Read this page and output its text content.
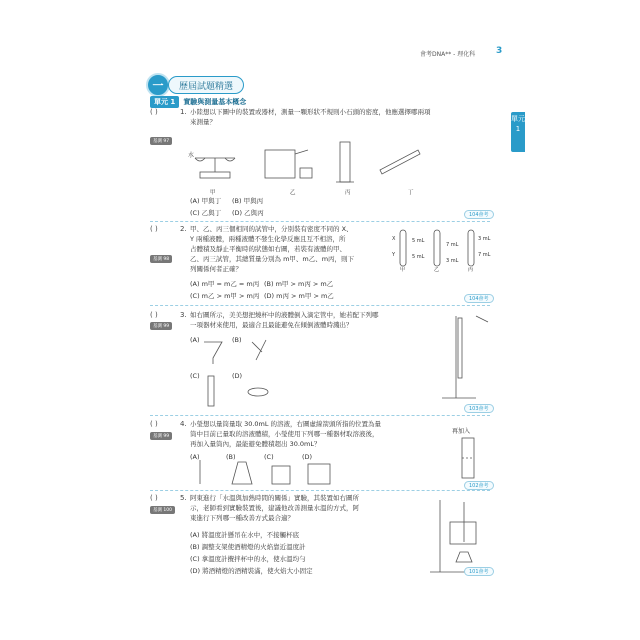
會考DNA** - 理化科 3
單元 1
一	歷屆試題精選
單元 1	實驗與測量基本概念
( )	1.
基測 97
小陸想以下圖中的裝置或器材，測量一顆形狀不規則小石頭的密度，他應選擇哪兩項
來測量？
水
甲	乙	丙	丁
(A) 甲與丁 (B) 甲與丙
(C) 乙與丁 (D) 乙與丙	104會考
( )	2.
基測 98
甲、乙、丙三個相同的試管中，分別裝有密度不同的 X、
Y 兩種液體，兩種液體不發生化學反應且互不相溶，所
占體積及靜止平衡時的狀態如右圖，若裝有液體的甲、
乙、丙三試管，其總質量分別為 m甲、m乙、m丙，則下
列關係何者正確？
5 mL
5 mL
7 mL
3 mL
3 mL
7 mL
甲	乙	丙
X
Y
(A) m甲 = m乙 = m丙 (B) m甲 > m丙 > m乙
(C) m乙 > m甲 > m丙 (D) m丙 > m甲 > m乙	104會考
( )	3.
基測 99
如右圖所示，美美想把燒杯中的液體倒入滴定管中，她若配下列哪
一項器材來使用，最適合且最能避免在傾倒液體時濺出？
(A)	(B)
(C)	(D)
103會考
( )	4.
基測 99
小瑩想以量筒量取 30.0mL 的溶液，右圖虛線箭頭所指的位置為量
筒中目前已量取的溶液體積，小瑩使用下列哪一種器材取溶液後，
再加入量筒內，最能避免體積超出 30.0mL？
(A)	(B)	(C)	(D)
再加入
102會考
( )	5.
基測 100
阿東進行「水溫與加熱時間的關係」實驗，其裝置如右圖所
示，老師看到實驗裝置後，建議他改善測量水溫的方式，阿
東進行下列哪一種改善方式最合適？
(A) 將溫度計懸吊在水中，不接觸杯底
(B) 調整支架使酒精燈的火焰靠近溫度計
(C) 拿溫度計攪拌杯中的水，使水溫均勻
(D) 將酒精燈的酒精裝滿，使火焰大小固定	101會考
